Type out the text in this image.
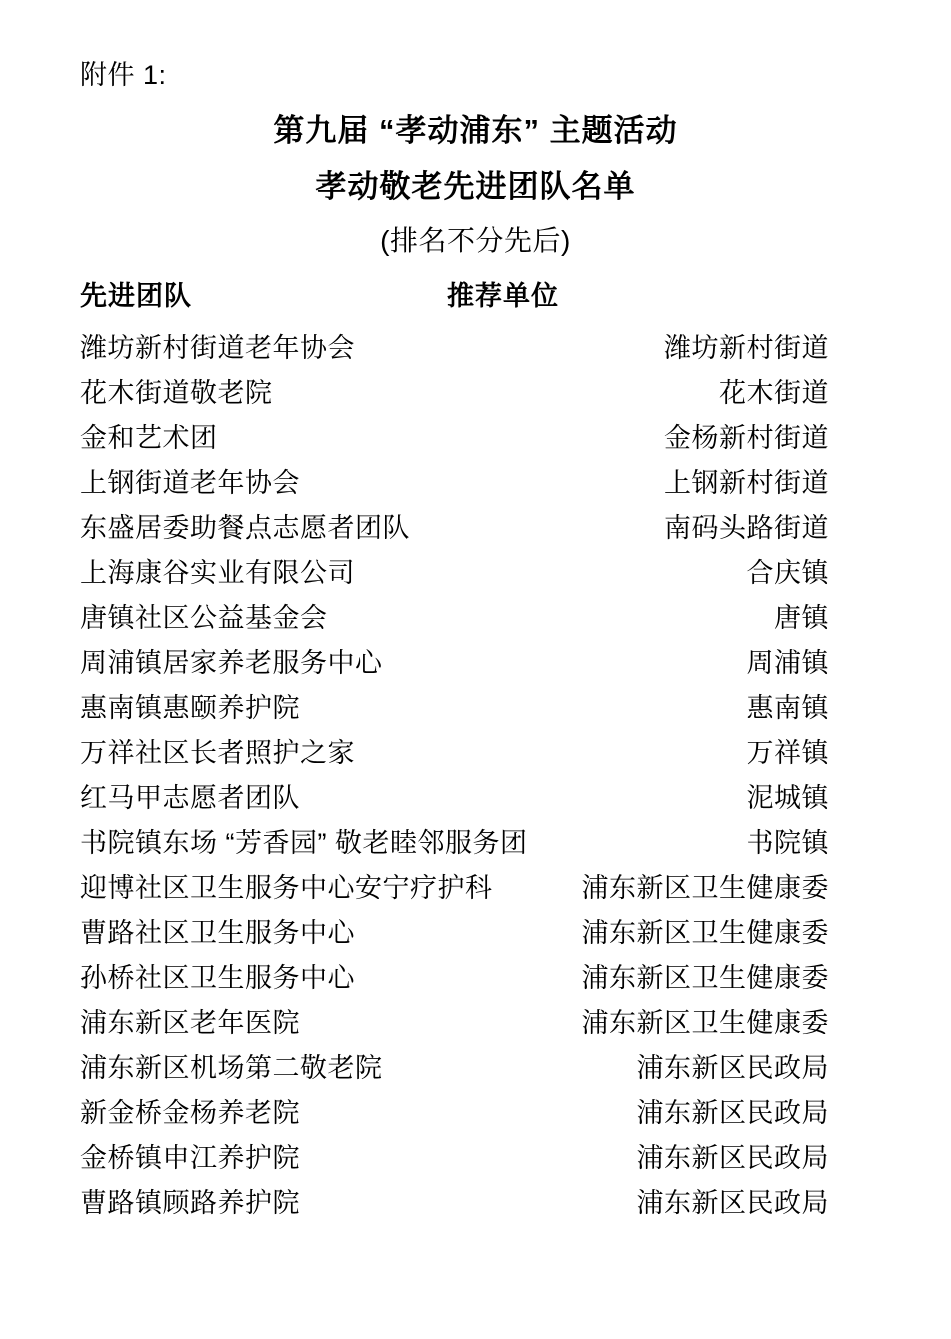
附件 1:
第九届 “孝动浦东” 主题活动
孝动敬老先进团队名单
(排名不分先后)
先进团队	推荐单位
潍坊新村街道老年协会	潍坊新村街道
花木街道敬老院	花木街道
金和艺术团	金杨新村街道
上钢街道老年协会	上钢新村街道
东盛居委助餐点志愿者团队	南码头路街道
上海康谷实业有限公司	合庆镇
唐镇社区公益基金会	唐镇
周浦镇居家养老服务中心	周浦镇
惠南镇惠颐养护院	惠南镇
万祥社区长者照护之家	万祥镇
红马甲志愿者团队	泥城镇
书院镇东场 “芳香园” 敬老睦邻服务团	书院镇
迎博社区卫生服务中心安宁疗护科	浦东新区卫生健康委
曹路社区卫生服务中心	浦东新区卫生健康委
孙桥社区卫生服务中心	浦东新区卫生健康委
浦东新区老年医院	浦东新区卫生健康委
浦东新区机场第二敬老院	浦东新区民政局
新金桥金杨养老院	浦东新区民政局
金桥镇申江养护院	浦东新区民政局
曹路镇顾路养护院	浦东新区民政局
